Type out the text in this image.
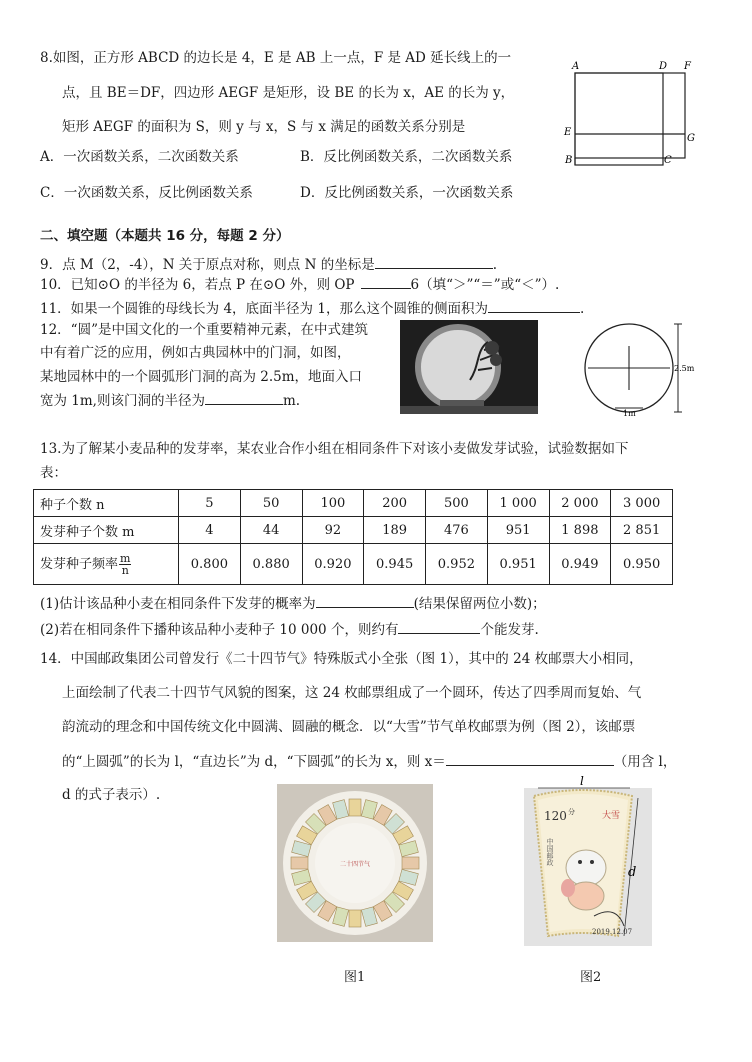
8.如图，正方形 ABCD 的边长是 4，E 是 AB 上一点，F 是 AD 延长线上的一
点，且 BE＝DF，四边形 AEGF 是矩形，设 BE 的长为 x，AE 的长为 y，
矩形 AEGF 的面积为 S，则 y 与 x，S 与 x 满足的函数关系分别是
A．一次函数关系，二次函数关系	B．反比例函数关系，二次函数关系
C．一次函数关系，反比例函数关系	D．反比例函数关系，一次函数关系
A	D F
E
G
B	C
二、填空题（本题共 16 分，每题 2 分）
9．点 M（2，-4），N 关于原点对称，则点 N 的坐标是	.
10．已知⊙O 的半径为 6，若点 P 在⊙O 外，则 OP	6（填“＞”“＝”或“＜”）.
11．如果一个圆锥的母线长为 4，底面半径为 1，那么这个圆锥的侧面积为	.
12．“圆”是中国文化的一个重要精神元素，在中式建筑
中有着广泛的应用，例如古典园林中的门洞，如图，
某地园林中的一个圆弧形门洞的高为 2.5m，地面入口
宽为 1m,则该门洞的半径为	m.
2.5m
1m
13.为了解某小麦品种的发芽率，某农业合作小组在相同条件下对该小麦做发芽试验，试验数据如下
表：
种子个数 n	5	50	100	200	500	1 000	2 000	3 000
发芽种子个数 m	4	44	92	189	476	951	1 898	2 851
发芽种子频率 $\frac{m}{n}$	0.800	0.880	0.920	0.945	0.952	0.951	0.949	0.950
(1)估计该品种小麦在相同条件下发芽的概率为	(结果保留两位小数)；
(2)若在相同条件下播种该品种小麦种子 10 000 个，则约有	个能发芽.
14．中国邮政集团公司曾发行《二十四节气》特殊版式小全张（图 1），其中的 24 枚邮票大小相同，
上面绘制了代表二十四节气风貌的图案，这 24 枚邮票组成了一个圆环，传达了四季周而复始、气
韵流动的理念和中国传统文化中圆满、圆融的概念．以“大雪”节气单枚邮票为例（图 2），该邮票
的“上圆弧”的长为 l，“直边长”为 d，“下圆弧”的长为 x，则 x＝	（用含 l，
d 的式子表示）.
二十四节气
120 分	大雪
中国邮政
2019.12.07
l
d
图1	图2
